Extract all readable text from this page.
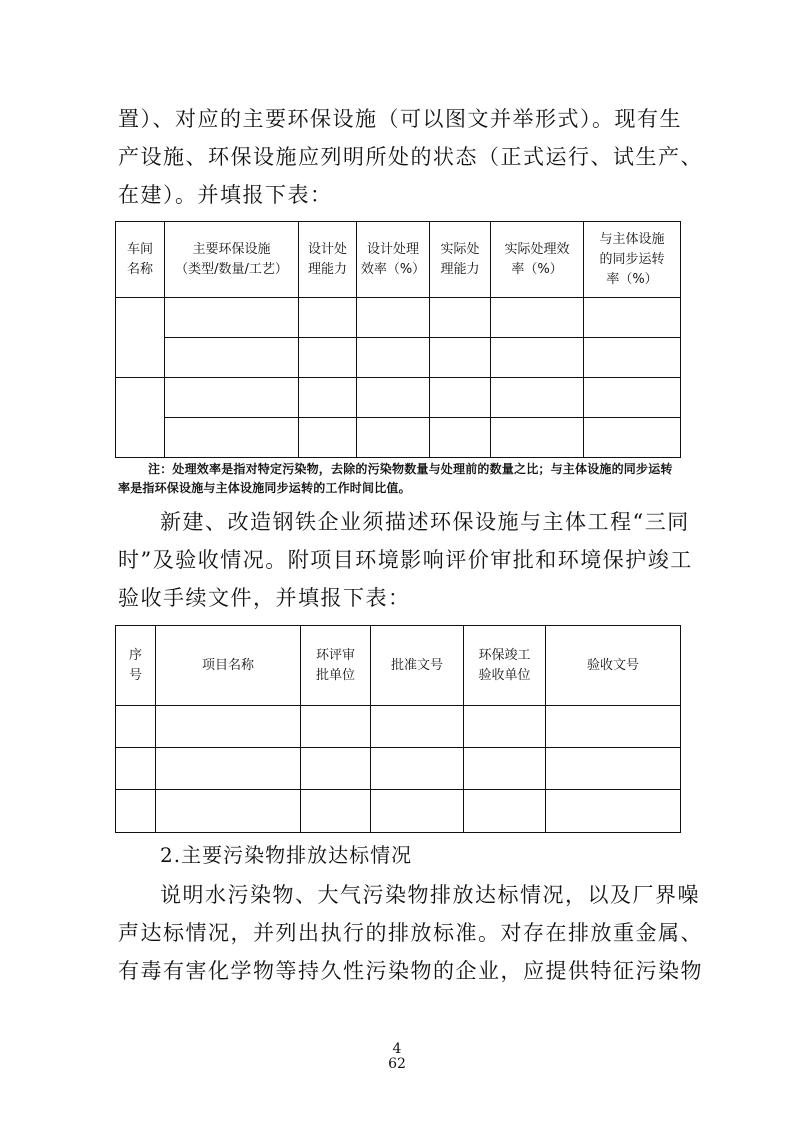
置）、对应的主要环保设施（可以图文并举形式）。现有生
产设施、环保设施应列明所处的状态（正式运行、试生产、
在建）。并填报下表：
车间
名称	主要环保设施
（类型/数量/工艺）	设计处
理能力	设计处理
效率（%）	实际处
理能力	实际处理效
率（%）	与主体设施
的同步运转
率（%）

注：处理效率是指对特定污染物，去除的污染物数量与处理前的数量之比；与主体设施的同步运转率是指环保设施与主体设施同步运转的工作时间比值。
新建、改造钢铁企业须描述环保设施与主体工程“三同
时”及验收情况。附项目环境影响评价审批和环境保护竣工
验收手续文件，并填报下表：
序
号	项目名称	环评审
批单位	批准文号	环保竣工
验收单位	验收文号

2.主要污染物排放达标情况
说明水污染物、大气污染物排放达标情况，以及厂界噪
声达标情况，并列出执行的排放标准。对存在排放重金属、
有毒有害化学物等持久性污染物的企业，应提供特征污染物
4
62
